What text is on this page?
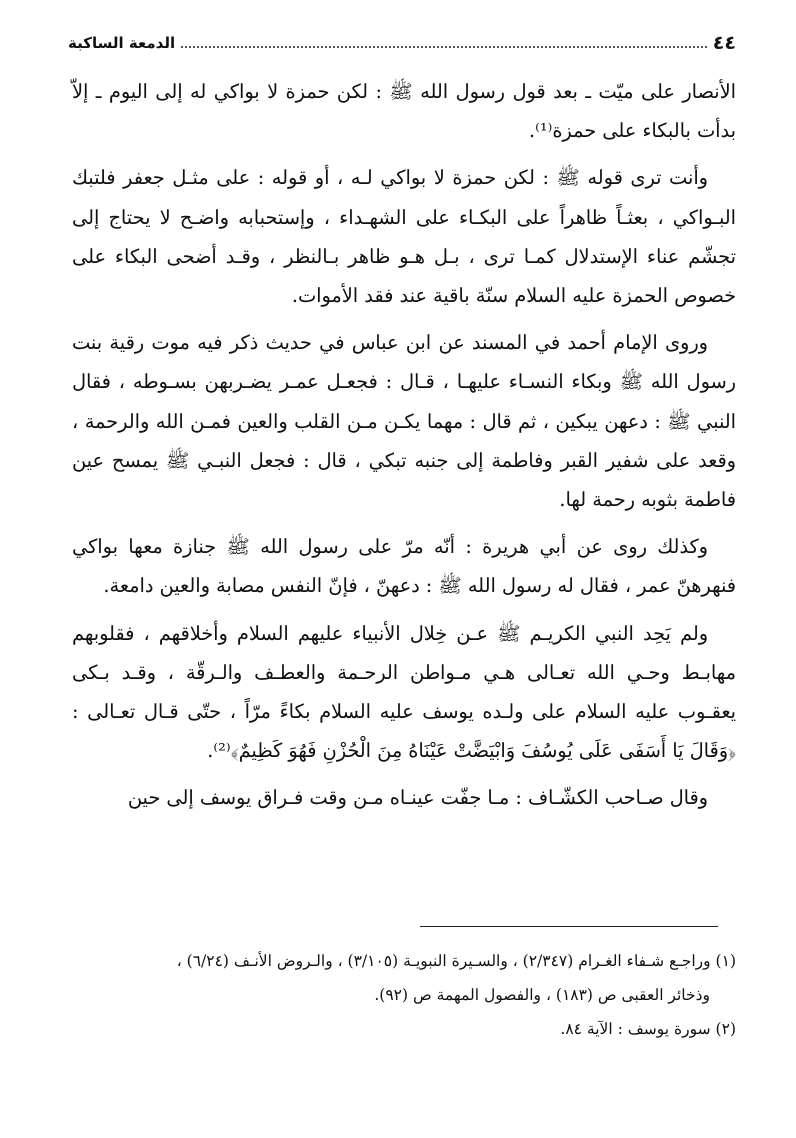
٤٤
الدمعة الساكبة

الأنصار على ميّت ـ بعد قول رسول الله ﷺ : لكن حمزة لا بواكي له إلى اليوم ـ إلاّ بدأت بالبكاء على حمزة⁽¹⁾.

وأنت ترى قوله ﷺ : لكن حمزة لا بواكي لـه ، أو قوله : على مثـل جعفر فلتبك البـواكي ، بعثـاً ظاهراً على البكـاء على الشهـداء ، وإستحبابه واضـح لا يحتاج إلى تجشّم عناء الإستدلال كمـا ترى ، بـل هـو ظاهر بـالنظر ، وقـد أضحى البكاء على خصوص الحمزة عليه السلام سنّة باقية عند فقد الأموات.

وروى الإمام أحمد في المسند عن ابن عباس في حديث ذكر فيه موت رقية بنت رسول الله ﷺ وبكاء النسـاء عليهـا ، قـال : فجعـل عمـر يضـربهن بسـوطه ، فقال النبي ﷺ : دعهن يبكين ، ثم قال : مهما يكـن مـن القلب والعين فمـن الله والرحمة ، وقعد على شفير القبر وفاطمة إلى جنبه تبكي ، قال : فجعل النبـي ﷺ يمسح عين فاطمة بثوبه رحمة لها.

وكذلك روى عن أبي هريرة : أنّه مرّ على رسول الله ﷺ جنازة معها بواكي فنهرهنّ عمر ، فقال له رسول الله ﷺ : دعهنّ ، فإنّ النفس مصابة والعين دامعة.

ولم يَحِد النبي الكريـم ﷺ عـن خِلال الأنبياء عليهم السلام وأخلاقهم ، فقلوبهم مهابـط وحـي الله تعـالى هـي مـواطن الرحـمة والعطـف والـرقّة ، وقـد بـكى يعقـوب عليه السلام على ولـده يوسف عليه السلام بكاءً مرّاً ، حتّى قـال تعـالى : ﴿وَقَالَ يَا أَسَفَى عَلَى يُوسُفَ وَابْيَضَّتْ عَيْنَاهُ مِنَ الْحُزْنِ فَهُوَ كَظِيمٌ﴾⁽²⁾.

وقال صـاحب الكشّـاف : مـا جفّت عينـاه مـن وقت فـراق يوسف إلى حين

(١) وراجـع شـفاء الغـرام (٢/٣٤٧) ، والسـيرة النبويـة (٣/١٠٥) ، والـروض الأنـف (٦/٢٤) ،
وذخائر العقبى ص (١٨٣) ، والفصول المهمة ص (٩٢).

(٢) سورة يوسف : الآية ٨٤.
